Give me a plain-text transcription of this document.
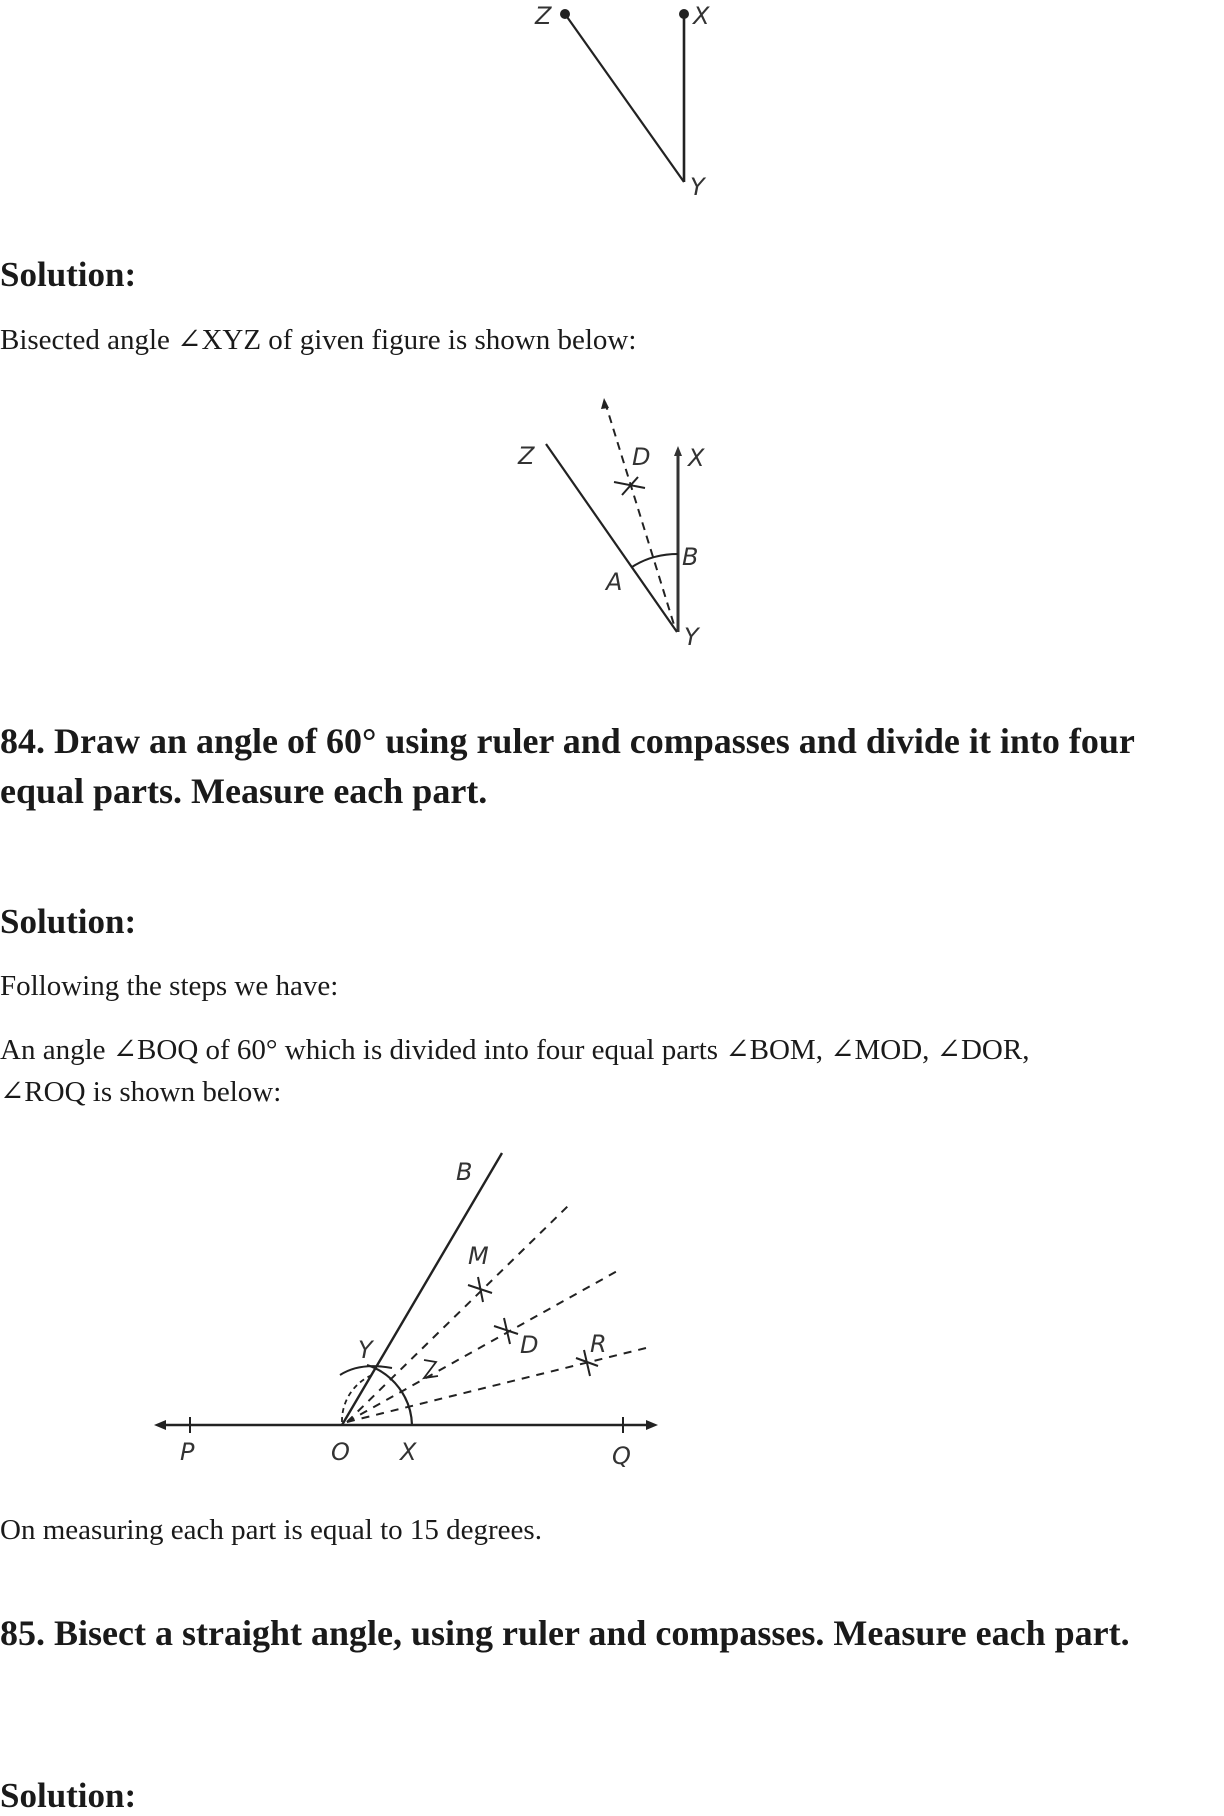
Z	X
Y
Solution:
Bisected angle ∠XYZ of given figure is shown below:
Z	D X
B
A
Y
84. Draw an angle of 60° using ruler and compasses and divide it into four
equal parts. Measure each part.
Solution:
Following the steps we have:
An angle ∠BOQ of 60° which is divided into four equal parts ∠BOM, ∠MOD, ∠DOR,
∠ROQ is shown below:
B
M
D R
Y
P	O X	Q
On measuring each part is equal to 15 degrees.
85. Bisect a straight angle, using ruler and compasses. Measure each part.
Solution:
